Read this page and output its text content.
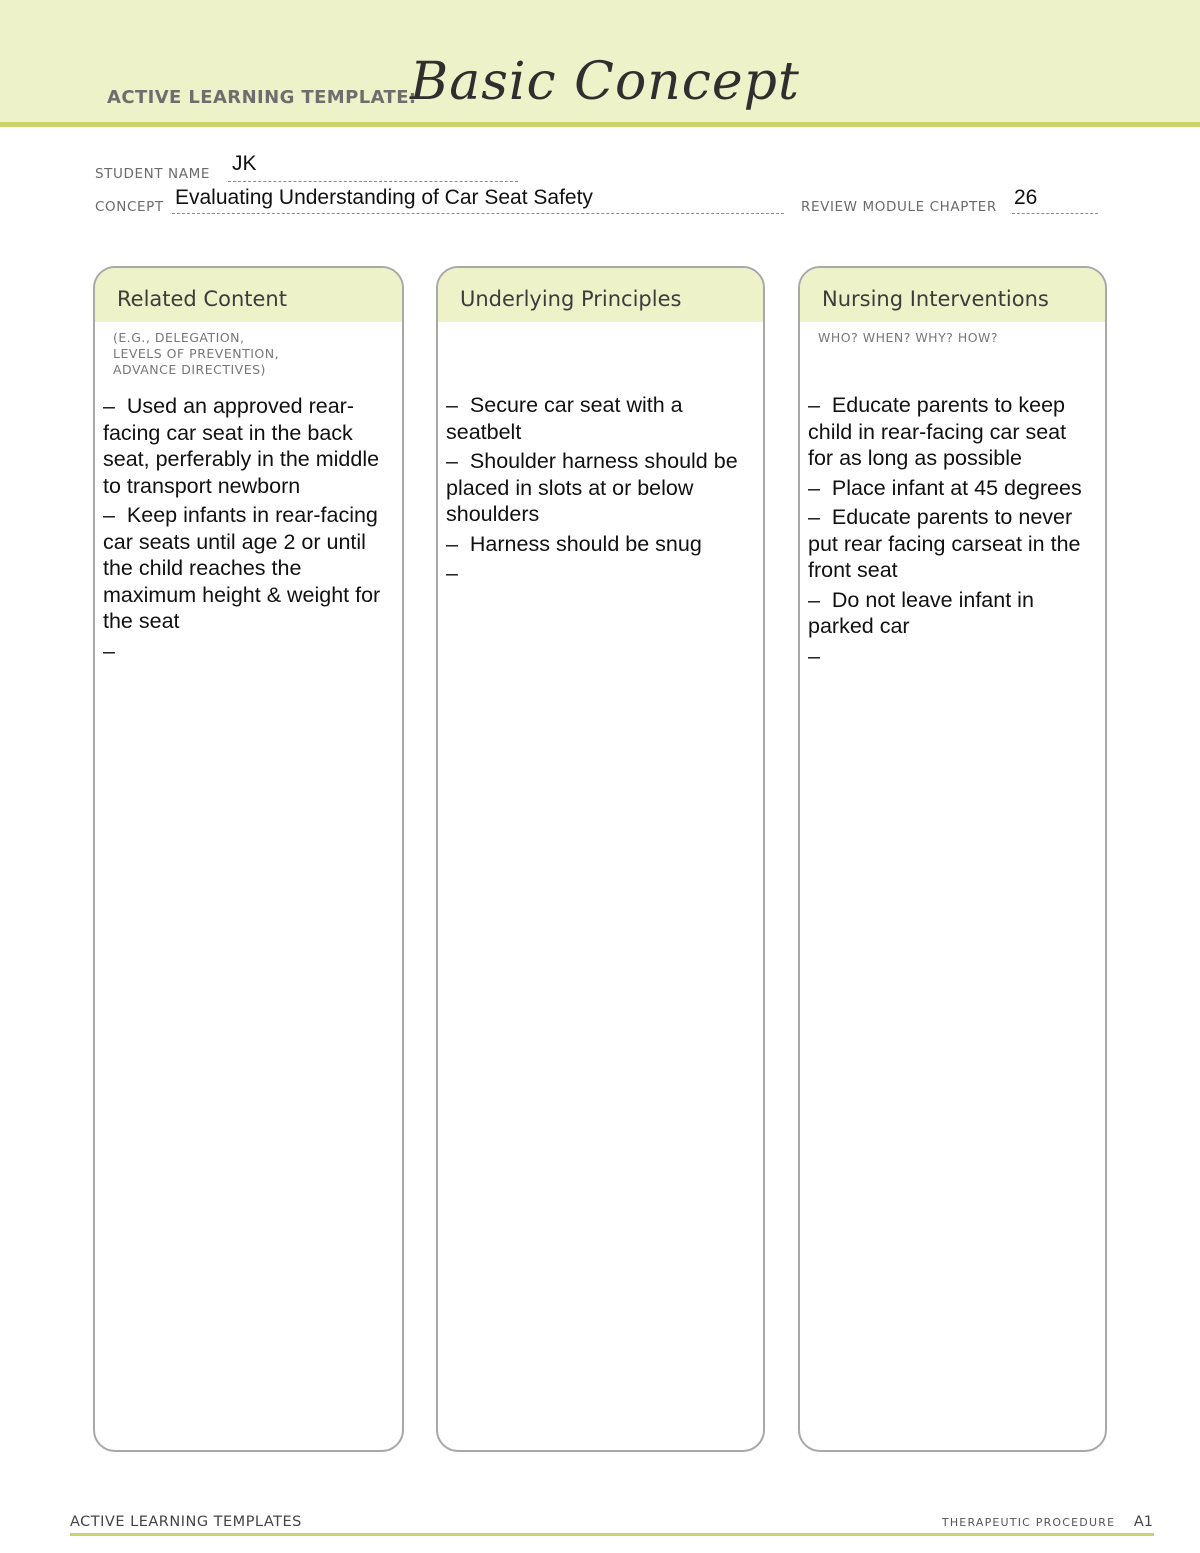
ACTIVE LEARNING TEMPLATE:
Basic Concept
STUDENT NAME JK
CONCEPT Evaluating Understanding of Car Seat Safety	REVIEW MODULE CHAPTER 26
Related Content
(E.G., DELEGATION,
LEVELS OF PREVENTION,
ADVANCE DIRECTIVES)
–  Used an approved rear-facing car seat in the back seat, perferably in the middle to transport newborn
–  Keep infants in rear-facing car seats until age 2 or until the child reaches the maximum height & weight for the seat
–
Underlying Principles
–  Secure car seat with a seatbelt
–  Shoulder harness should be placed in slots at or below shoulders
–  Harness should be snug
–
Nursing Interventions
WHO? WHEN? WHY? HOW?
–  Educate parents to keep child in rear-facing car seat for as long as possible
–  Place infant at 45 degrees
–  Educate parents to never put rear facing carseat in the front seat
–  Do not leave infant in parked car
–
ACTIVE LEARNING TEMPLATES	THERAPEUTIC PROCEDURE A1
